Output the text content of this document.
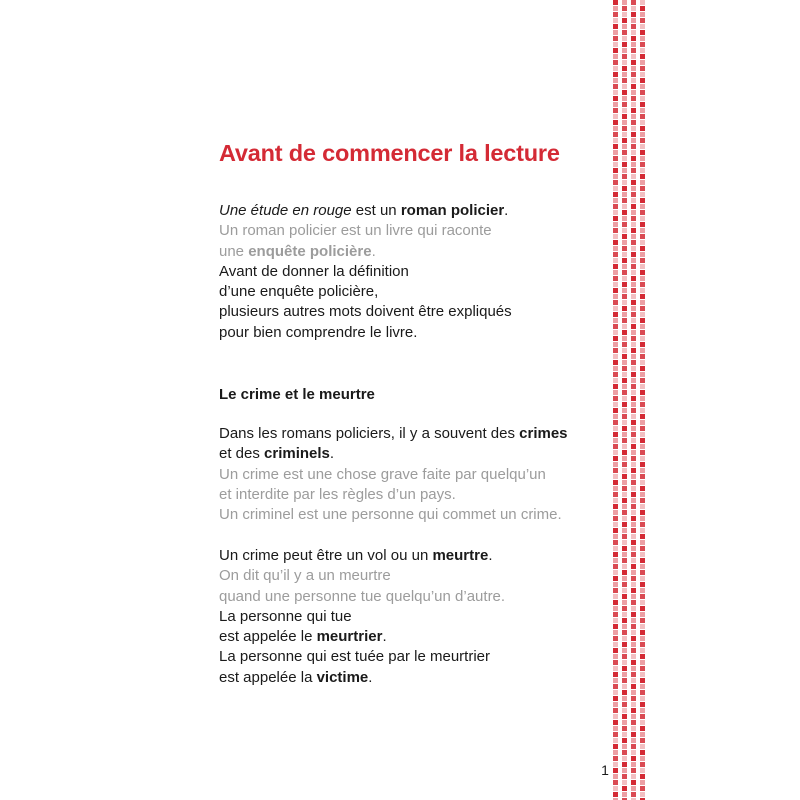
Avant de commencer la lecture
Une étude en rouge est un roman policier.
Un roman policier est un livre qui raconte
une enquête policière.
Avant de donner la définition
d’une enquête policière,
plusieurs autres mots doivent être expliqués
pour bien comprendre le livre.
Le crime et le meurtre
Dans les romans policiers, il y a souvent des crimes
et des criminels.
Un crime est une chose grave faite par quelqu’un
et interdite par les règles d’un pays.
Un criminel est une personne qui commet un crime.
Un crime peut être un vol ou un meurtre.
On dit qu’il y a un meurtre
quand une personne tue quelqu’un d’autre.
La personne qui tue
est appelée le meurtrier.
La personne qui est tuée par le meurtrier
est appelée la victime.
1
